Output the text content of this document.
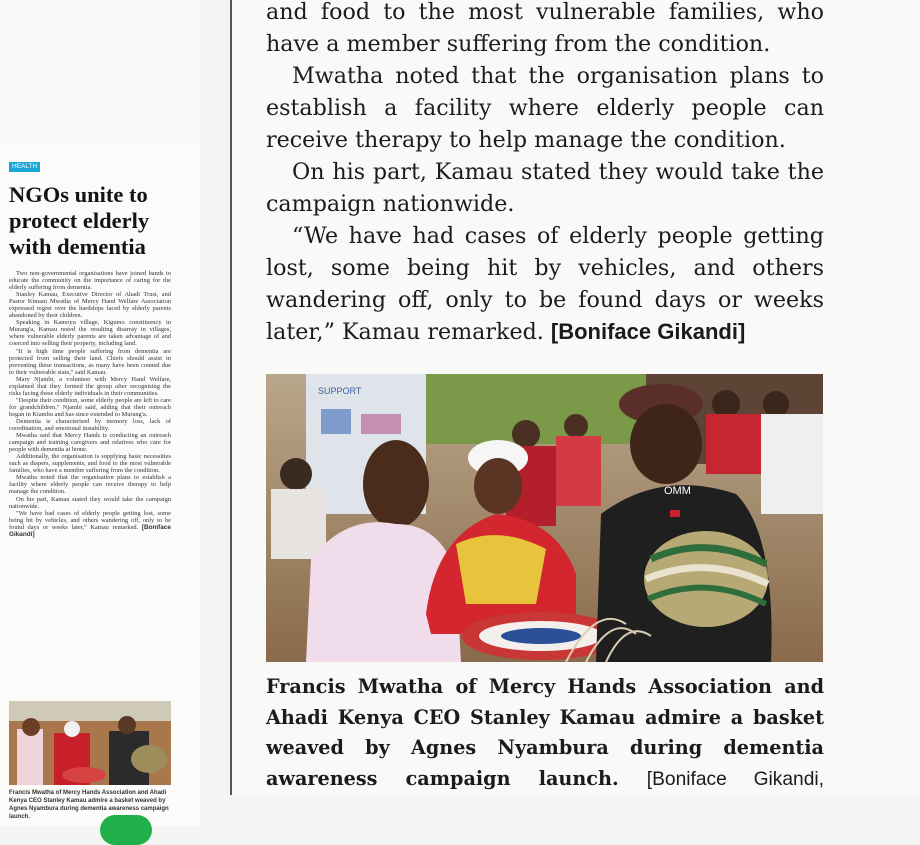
HEALTH
NGOs unite to protect elderly with dementia

Two non-governmental organisations have joined hands to educate the community on the importance of caring for the elderly suffering from dementia.

Stanley Kamau, Executive Director of Ahadi Trust, and Pastor Kimani Mwatha of Mercy Hand Welfare Association expressed regret over the hardships faced by elderly parents abandoned by their children.

Speaking in Kamoyu village, Kigumo constituency in Murang'a, Kamau noted the resulting disarray in villages, where vulnerable elderly parents are taken advantage of and coerced into selling their property, including land.

"It is high time people suffering from dementia are protected from selling their land. Chiefs should assist in preventing these transactions, as many have been conned due to their vulnerable state," said Kamau.

Mary Njambi, a volunteer with Mercy Hand Welfare, explained that they formed the group after recognising the risks facing these elderly individuals in their communities.

"Despite their condition, some elderly people are left to care for grandchildren," Njambi said, adding that their outreach began in Kiambu and has since extended to Murang'a.

Dementia is characterised by memory loss, lack of coordination, and emotional instability.

Mwatha said that Mercy Hands is conducting an outreach campaign and training caregivers and relatives who care for people with dementia at home.

Additionally, the organisation is supplying basic necessities such as diapers, supplements, and food to the most vulnerable families, who have a member suffering from the condition.

Mwatha noted that the organisation plans to establish a facility where elderly people can receive therapy to help manage the condition.

On his part, Kamau stated they would take the campaign nationwide.

"We have had cases of elderly people getting lost, some being hit by vehicles, and others wandering off, only to be found days or weeks later," Kamau remarked. [Boniface Gikandi]

Francis Mwatha of Mercy Hands Association and Ahadi Kenya CEO Stanley Kamau admire a basket weaved by Agnes Nyambura during dementia awareness campaign launch.

and food to the most vulnerable families, who have a member suffering from the condition.

Mwatha noted that the organisation plans to establish a facility where elderly people can receive therapy to help manage the condition.

On his part, Kamau stated they would take the campaign nationwide.

“We have had cases of elderly people getting lost, some being hit by vehicles, and others wandering off, only to be found days or weeks later,” Kamau remarked. [Boniface Gikandi]

SUPPORT
OMM
Francis Mwatha of Mercy Hands Association and Ahadi Kenya CEO Stanley Kamau admire a basket weaved by Agnes Nyambura during dementia awareness campaign launch. [Boniface Gikandi,
